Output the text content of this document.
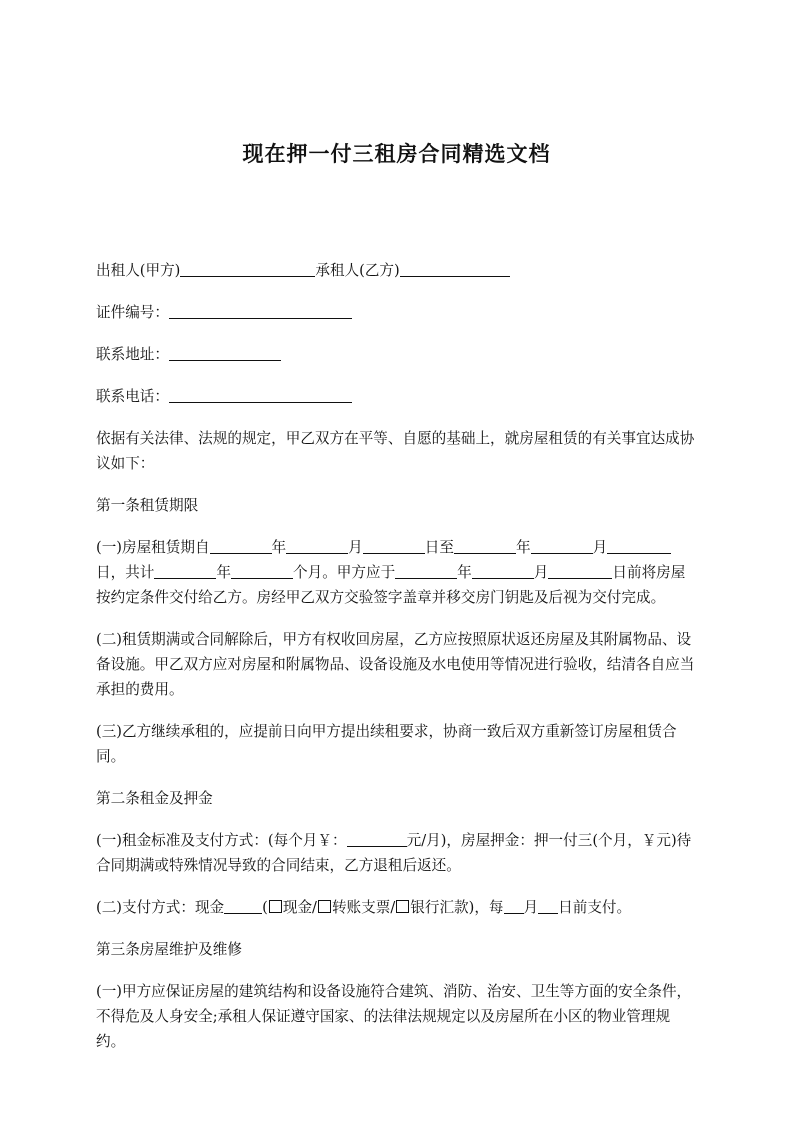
现在押一付三租房合同精选文档

出租人(甲方)	承租人(乙方)

证件编号：

联系地址：

联系电话：

依据有关法律、法规的规定，甲乙双方在平等、自愿的基础上，就房屋租赁的有关事宜达成协议如下：

第一条租赁期限

(一)房屋租赁期自	年	月	日至	年	月日，共计	年	个月。甲方应于	年	月	日前将房屋按约定条件交付给乙方。房经甲乙双方交验签字盖章并移交房门钥匙及后视为交付完成。

(二)租赁期满或合同解除后，甲方有权收回房屋，乙方应按照原状返还房屋及其附属物品、设备设施。甲乙双方应对房屋和附属物品、设备设施及水电使用等情况进行验收，结清各自应当承担的费用。

(三)乙方继续承租的，应提前日向甲方提出续租要求，协商一致后双方重新签订房屋租赁合同。

第二条租金及押金

(一)租金标准及支付方式：(每个月￥：	元/月)，房屋押金：押一付三(个月，￥元)待合同期满或特殊情况导致的合同结束，乙方退租后返还。

(二)支付方式：现金	( 现金/ 转账支票/ 银行汇款)，每 月 日前支付。

第三条房屋维护及维修

(一)甲方应保证房屋的建筑结构和设备设施符合建筑、消防、治安、卫生等方面的安全条件，不得危及人身安全;承租人保证遵守国家、的法律法规规定以及房屋所在小区的物业管理规约。
